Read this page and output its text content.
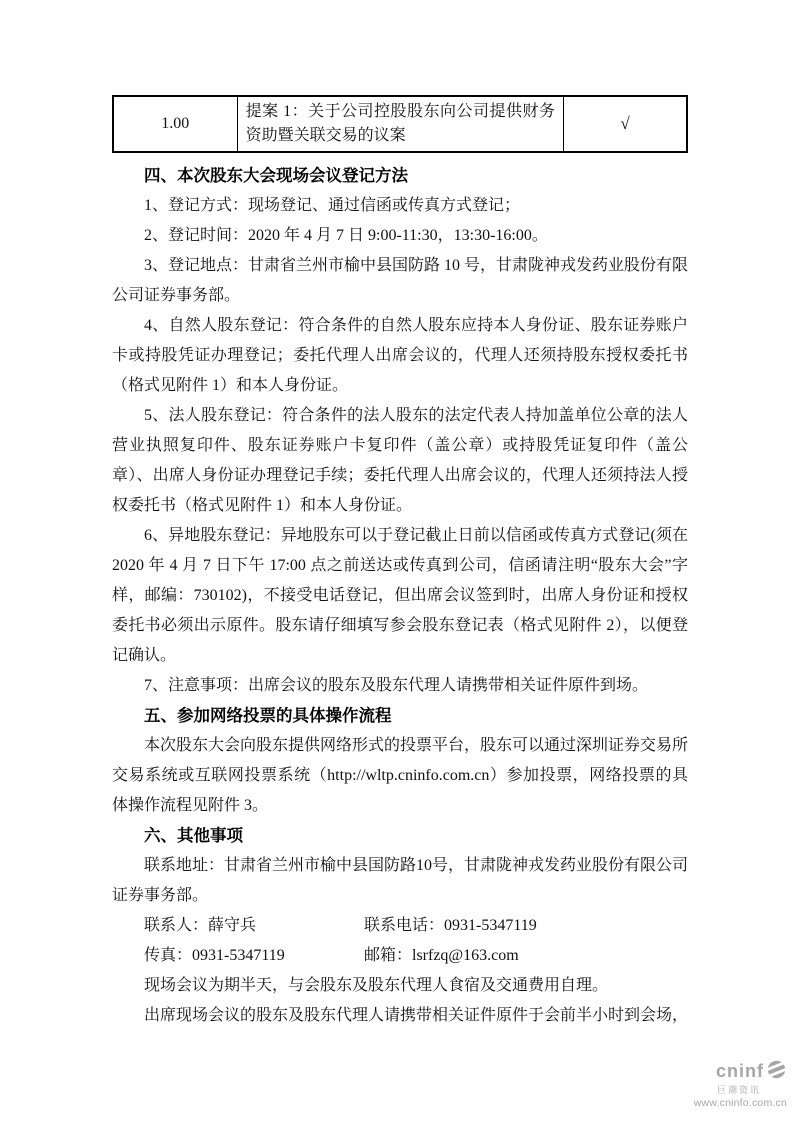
1.00	提案 1：关于公司控股股东向公司提供财务资助暨关联交易的议案	√

四、本次股东大会现场会议登记方法

1、登记方式：现场登记、通过信函或传真方式登记；

2、登记时间：2020 年 4 月 7 日 9:00-11:30，13:30-16:00。

3、登记地点：甘肃省兰州市榆中县国防路 10 号，甘肃陇神戎发药业股份有限公司证券事务部。

4、自然人股东登记：符合条件的自然人股东应持本人身份证、股东证券账户卡或持股凭证办理登记；委托代理人出席会议的，代理人还须持股东授权委托书（格式见附件 1）和本人身份证。

5、法人股东登记：符合条件的法人股东的法定代表人持加盖单位公章的法人营业执照复印件、股东证券账户卡复印件（盖公章）或持股凭证复印件（盖公章）、出席人身份证办理登记手续；委托代理人出席会议的，代理人还须持法人授权委托书（格式见附件 1）和本人身份证。

6、异地股东登记：异地股东可以于登记截止日前以信函或传真方式登记(须在 2020 年 4 月 7 日下午 17:00 点之前送达或传真到公司，信函请注明“股东大会”字样，邮编：730102)，不接受电话登记，但出席会议签到时，出席人身份证和授权委托书必须出示原件。股东请仔细填写参会股东登记表（格式见附件 2），以便登记确认。

7、注意事项：出席会议的股东及股东代理人请携带相关证件原件到场。

五、参加网络投票的具体操作流程

本次股东大会向股东提供网络形式的投票平台，股东可以通过深圳证券交易所交易系统或互联网投票系统（http://wltp.cninfo.com.cn）参加投票，网络投票的具体操作流程见附件 3。

六、其他事项

联系地址：甘肃省兰州市榆中县国防路10号，甘肃陇神戎发药业股份有限公司证券事务部。

联系人：薛守兵	联系电话：0931-5347119
传真：0931-5347119	邮箱：lsrfzq@163.com

现场会议为期半天，与会股东及股东代理人食宿及交通费用自理。

出席现场会议的股东及股东代理人请携带相关证件原件于会前半小时到会场，

cninf
巨潮资讯
www.cninfo.com.cn
